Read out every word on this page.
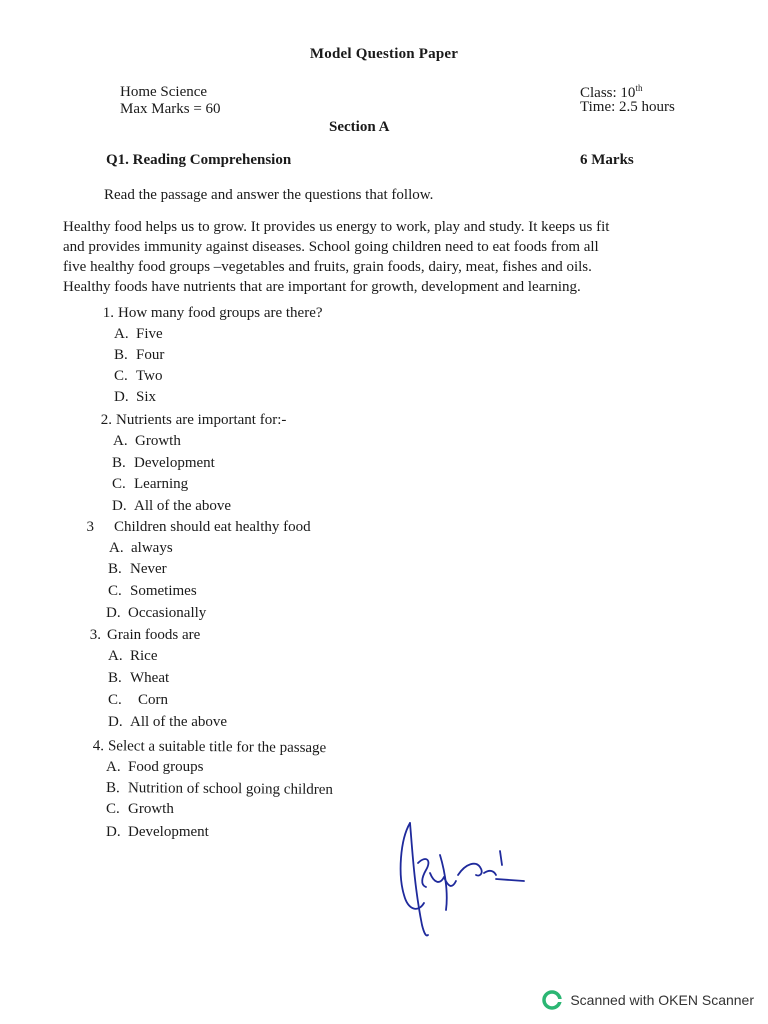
Model Question Paper
Home Science
Max Marks = 60
Class: 10th
Time: 2.5 hours
Section A
Q1. Reading Comprehension	6 Marks
Read the passage and answer the questions that follow.
Healthy food helps us to grow. It provides us energy to work, play and study. It keeps us fit
and provides immunity against diseases. School going children need to eat foods from all
five healthy food groups –vegetables and fruits, grain foods, dairy, meat, fishes and oils.
Healthy foods have nutrients that are important for growth, development and learning.
1. How many food groups are there?
A. Five
B. Four
C. Two
D. Six
2. Nutrients are important for:-
A. Growth
B. Development
C. Learning
D. All of the above
3 Children should eat healthy food
A. always
B. Never
C. Sometimes
D. Occasionally
3. Grain foods are
A. Rice
B. Wheat
C. Corn
D. All of the above
4. Select a suitable title for the passage
A. Food groups
B. Nutrition of school going children
C. Growth
D. Development
Scanned with OKEN Scanner
